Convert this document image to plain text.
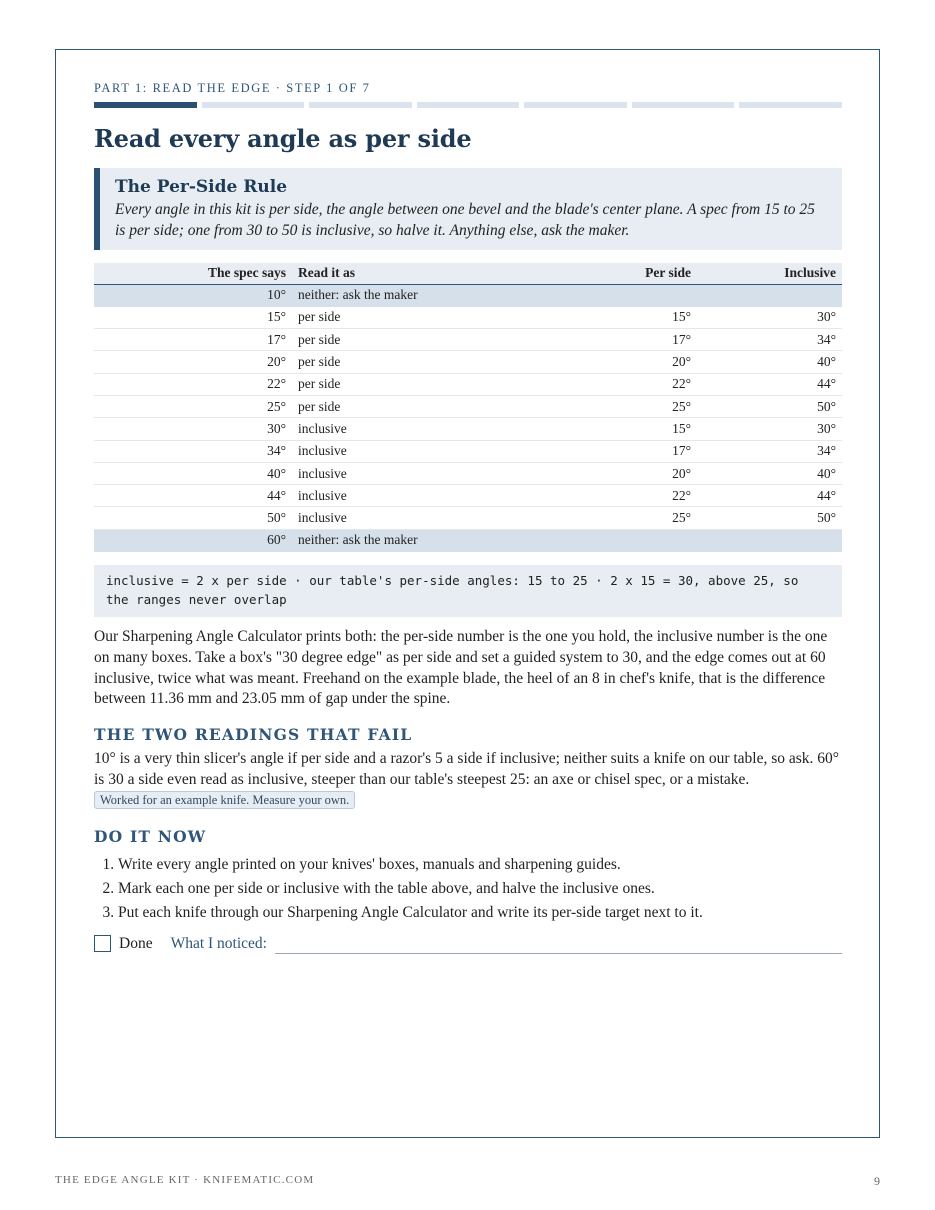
PART 1: READ THE EDGE · STEP 1 OF 7
Read every angle as per side
The Per-Side Rule
Every angle in this kit is per side, the angle between one bevel and the blade's center plane. A spec from 15 to 25 is per side; one from 30 to 50 is inclusive, so halve it. Anything else, ask the maker.
The spec says	Read it as	Per side	Inclusive
10°	neither: ask the maker		
15°	per side	15°	30°
17°	per side	17°	34°
20°	per side	20°	40°
22°	per side	22°	44°
25°	per side	25°	50°
30°	inclusive	15°	30°
34°	inclusive	17°	34°
40°	inclusive	20°	40°
44°	inclusive	22°	44°
50°	inclusive	25°	50°
60°	neither: ask the maker		
inclusive = 2 x per side · our table's per-side angles: 15 to 25 · 2 x 15 = 30, above 25, so
the ranges never overlap

Our Sharpening Angle Calculator prints both: the per-side number is the one you hold, the inclusive number is the one on many boxes. Take a box's "30 degree edge" as per side and set a guided system to 30, and the edge comes out at 60 inclusive, twice what was meant. Freehand on the example blade, the heel of an 8 in chef's knife, that is the difference between 11.36 mm and 23.05 mm of gap under the spine.

THE TWO READINGS THAT FAIL

10° is a very thin slicer's angle if per side and a razor's 5 a side if inclusive; neither suits a knife on our table, so ask. 60° is 30 a side even read as inclusive, steeper than our table's steepest 25: an axe or chisel spec, or a mistake. Worked for an example knife. Measure your own.

DO IT NOW
1. Write every angle printed on your knives' boxes, manuals and sharpening guides.
2. Mark each one per side or inclusive with the table above, and halve the inclusive ones.
3. Put each knife through our Sharpening Angle Calculator and write its per-side target next to it.
Done What I noticed:
THE EDGE ANGLE KIT · KNIFEMATIC.COM	9
